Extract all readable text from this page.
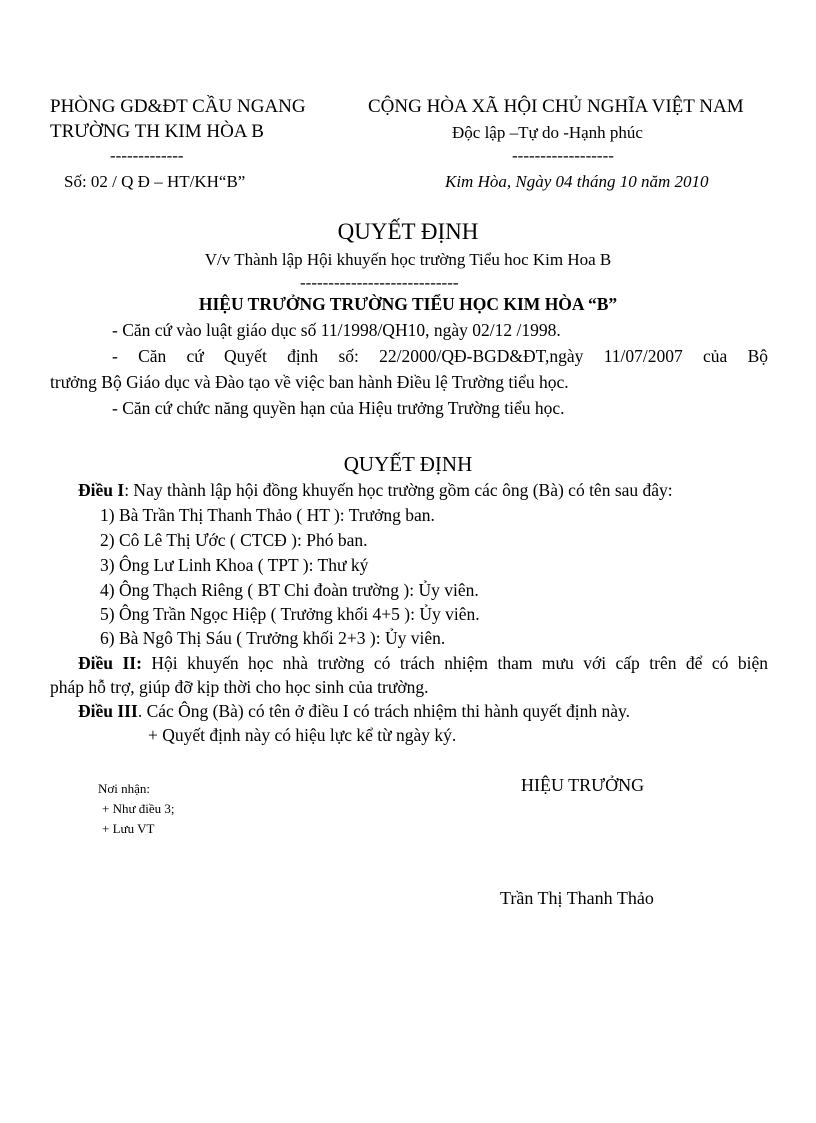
PHÒNG GD&ĐT CẦU NGANG
TRƯỜNG TH KIM HÒA B
-------------
Số: 02 / Q Đ – HT/KH“B”
CỘNG HÒA XÃ HỘI CHỦ NGHĨA VIỆT NAM
Độc lập –Tự do -Hạnh phúc
------------------
Kim Hòa, Ngày 04 tháng 10 năm 2010
QUYẾT ĐỊNH
V/v Thành lập Hội khuyến học trường Tiểu hoc Kim Hoa B
----------------------------
HIỆU TRƯỞNG TRƯỜNG TIỂU HỌC KIM HÒA “B”
- Căn cứ vào luật giáo dục số 11/1998/QH10, ngày 02/12 /1998.
- Căn cứ Quyết định số: 22/2000/QĐ-BGD&ĐT,ngày 11/07/2007 của Bộ
trưởng Bộ Giáo dục và Đào tạo về việc ban hành Điều lệ Trường tiểu học.
- Căn cứ chức năng quyền hạn của Hiệu trưởng Trường tiểu học.
QUYẾT ĐỊNH
Điều I: Nay thành lập hội đồng khuyến học trường gồm các ông (Bà) có tên sau đây:
1) Bà Trần Thị Thanh Thảo ( HT ): Trưởng ban.
2) Cô Lê Thị Ước ( CTCĐ ): Phó ban.
3) Ông Lư Linh Khoa ( TPT ): Thư ký
4) Ông Thạch Riêng ( BT Chi đoàn trường ): Ủy viên.
5) Ông Trần Ngọc Hiệp ( Trưởng khối 4+5 ): Ủy viên.
6) Bà Ngô Thị Sáu ( Trưởng khối 2+3 ): Ủy viên.
Điều II: Hội khuyến học nhà trường có trách nhiệm tham mưu với cấp trên để có biện
pháp hỗ trợ, giúp đỡ kịp thời cho học sinh của trường.
Điều III. Các Ông (Bà) có tên ở điều I có trách nhiệm thi hành quyết định này.
+ Quyết định này có hiệu lực kể từ ngày ký.
Nơi nhận:
+ Như điều 3;
+ Lưu VT
HIỆU TRƯỞNG
Trần Thị Thanh Thảo
